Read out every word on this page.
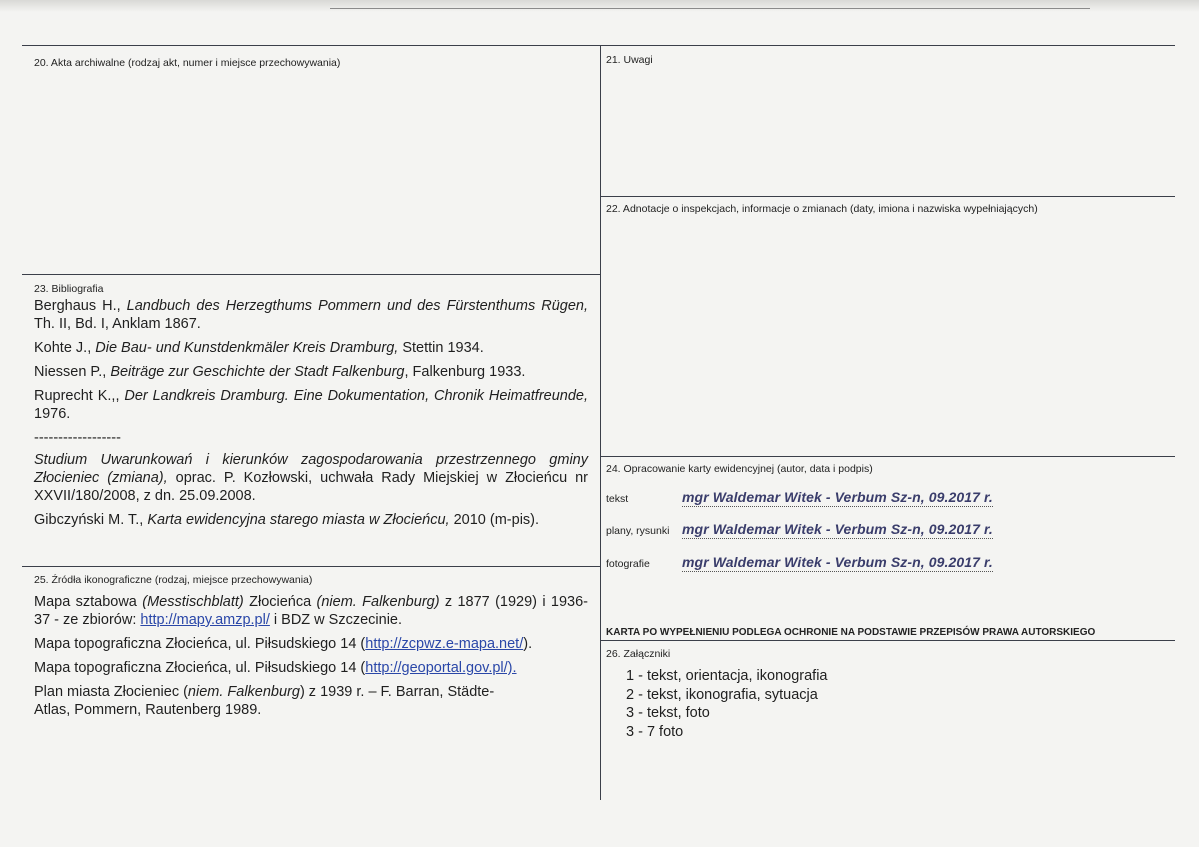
20. Akta archiwalne (rodzaj akt, numer i miejsce przechowywania)	21. Uwagi
22. Adnotacje o inspekcjach, informacje o zmianach (daty, imiona i nazwiska wypełniających)
23. Bibliografia
24. Opracowanie karty ewidencyjnej (autor, data i podpis)
25. Źródła ikonograficzne (rodzaj, miejsce przechowywania)
26. Załączniki

Berghaus H., Landbuch des Herzegthums Pommern und des Fürstenthums Rügen, Th. II, Bd. I, Anklam 1867.

Kohte J., Die Bau- und Kunstdenkmäler Kreis Dramburg, Stettin 1934.

Niessen P., Beiträge zur Geschichte der Stadt Falkenburg, Falkenburg 1933.

Ruprecht K.,, Der Landkreis Dramburg. Eine Dokumentation, Chronik Heimatfreunde, 1976.

------------------

Studium Uwarunkowań i kierunków zagospodarowania przestrzennego gminy Złocieniec (zmiana), oprac. P. Kozłowski, uchwała Rady Miejskiej w Złocieńcu nr XXVII/180/2008, z dn. 25.09.2008.

Gibczyński M. T., Karta ewidencyjna starego miasta w Złocieńcu, 2010 (m-pis).

Mapa sztabowa (Messtischblatt) Złocieńca (niem. Falkenburg) z 1877 (1929) i 1936-37 - ze zbiorów: http://mapy.amzp.pl/ i BDZ w Szczecinie.

Mapa topograficzna Złocieńca, ul. Piłsudskiego 14 (http://zcpwz.e-mapa.net/).

Mapa topograficzna Złocieńca, ul. Piłsudskiego 14 (http://geoportal.gov.pl/).

Plan miasta Złocieniec (niem. Falkenburg) z 1939 r. – F. Barran, Städte-Atlas, Pommern, Rautenberg 1989.

tekst	mgr Waldemar Witek - Verbum Sz-n, 09.2017 r.
plany, rysunki mgr Waldemar Witek - Verbum Sz-n, 09.2017 r.
fotografie	mgr Waldemar Witek - Verbum Sz-n, 09.2017 r.
KARTA PO WYPEŁNIENIU PODLEGA OCHRONIE NA PODSTAWIE PRZEPISÓW PRAWA AUTORSKIEGO
1 - tekst, orientacja, ikonografia
2 - tekst, ikonografia, sytuacja
3 - tekst, foto
3 - 7 foto
